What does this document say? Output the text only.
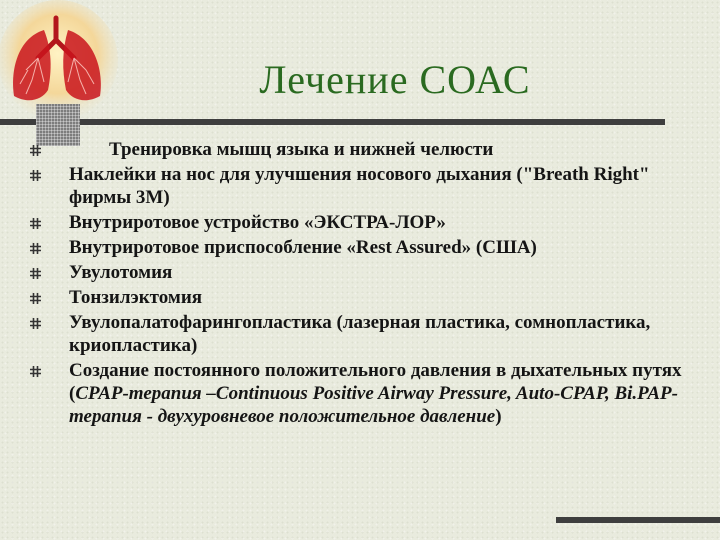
Лечение СОАС
Тренировка мышц языка и нижней челюсти
Наклейки на нос для улучшения носового дыхания ("Breath Right" фирмы 3М)
Внутриротовое устройство «ЭКСТРА-ЛОР»
Внутриротовое приспособление «Rest Assured» (США)
Увулотомия
Тонзилэктомия
Увулопалатофарингопластика (лазерная пластика, сомнопластика, криопластика)
Создание постоянного положительного давления в дыхательных путях (CPAP-терапия –Continuous Positive Airway Pressure, Auto-CPAP, Bi.PAP-терапия - двухуровневое положительное давление)
